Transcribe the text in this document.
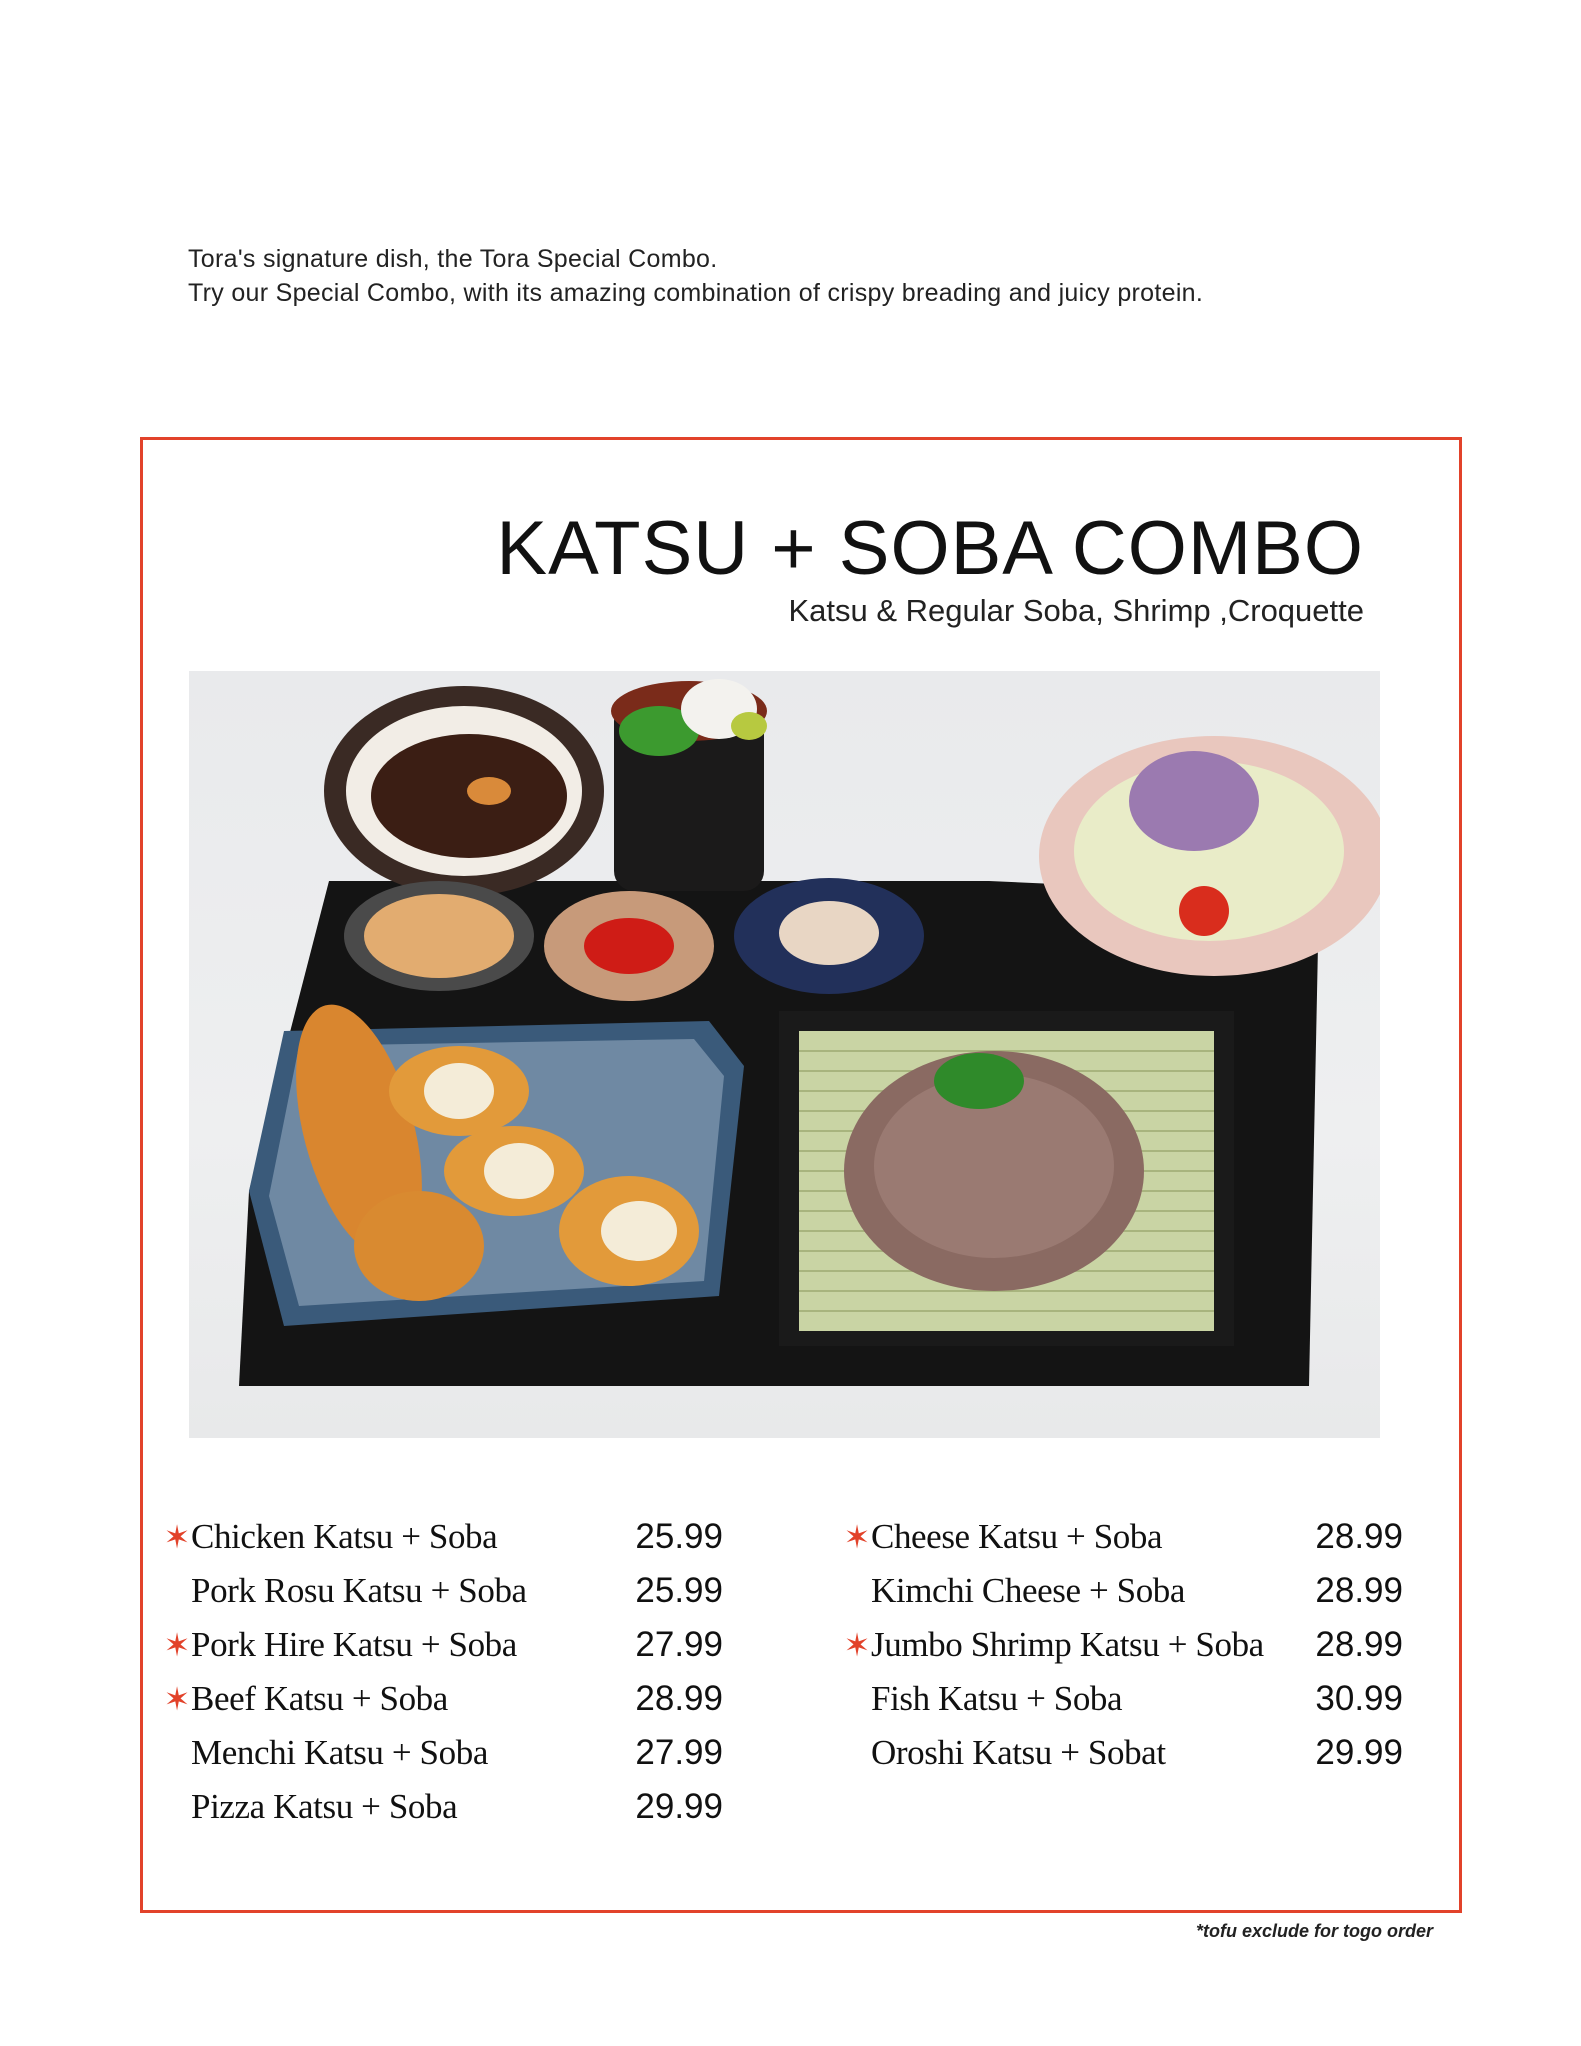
Tora's signature dish, the Tora Special Combo.
Try our Special Combo, with its amazing combination of crispy breading and juicy protein.
KATSU + SOBA COMBO
Katsu & Regular Soba, Shrimp ,Croquette
✶ Chicken Katsu + Soba	25.99
Pork Rosu Katsu + Soba	25.99
✶ Pork Hire Katsu + Soba	27.99
✶ Beef Katsu + Soba	28.99
Menchi Katsu + Soba	27.99
Pizza Katsu + Soba	29.99
✶ Cheese Katsu + Soba	28.99
Kimchi Cheese + Soba	28.99
✶ Jumbo Shrimp Katsu + Soba 28.99
Fish Katsu + Soba	30.99
Oroshi Katsu + Sobat	29.99
*tofu exclude for togo order
